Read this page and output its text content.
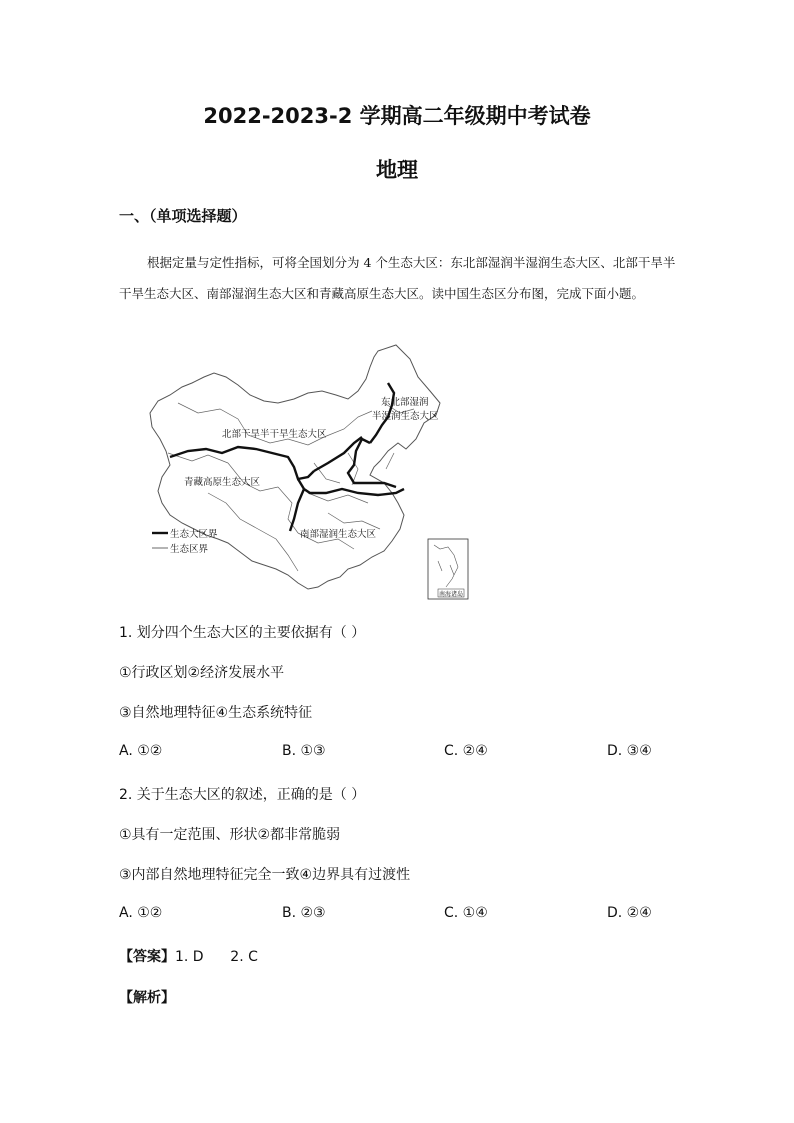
2022-2023-2 学期高二年级期中考试卷
地理
一、（单项选择题）
根据定量与定性指标，可将全国划分为 4 个生态大区：东北部湿润半湿润生态大区、北部干旱半干旱生态大区、南部湿润生态大区和青藏高原生态大区。读中国生态区分布图，完成下面小题。
东北部湿润
半湿润生态大区
北部干旱半干旱生态大区
青藏高原生态大区
南部湿润生态大区
生态大区界
生态区界
南海诸岛
1. 划分四个生态大区的主要依据有（ ）
①行政区划②经济发展水平
③自然地理特征④生态系统特征
A. ①②	B. ①③	C. ②④	D. ③④
2. 关于生态大区的叙述，正确的是（ ）
①具有一定范围、形状②都非常脆弱
③内部自然地理特征完全一致④边界具有过渡性
A. ①②	B. ②③	C. ①④	D. ②④
【答案】1. D      2. C
【解析】
